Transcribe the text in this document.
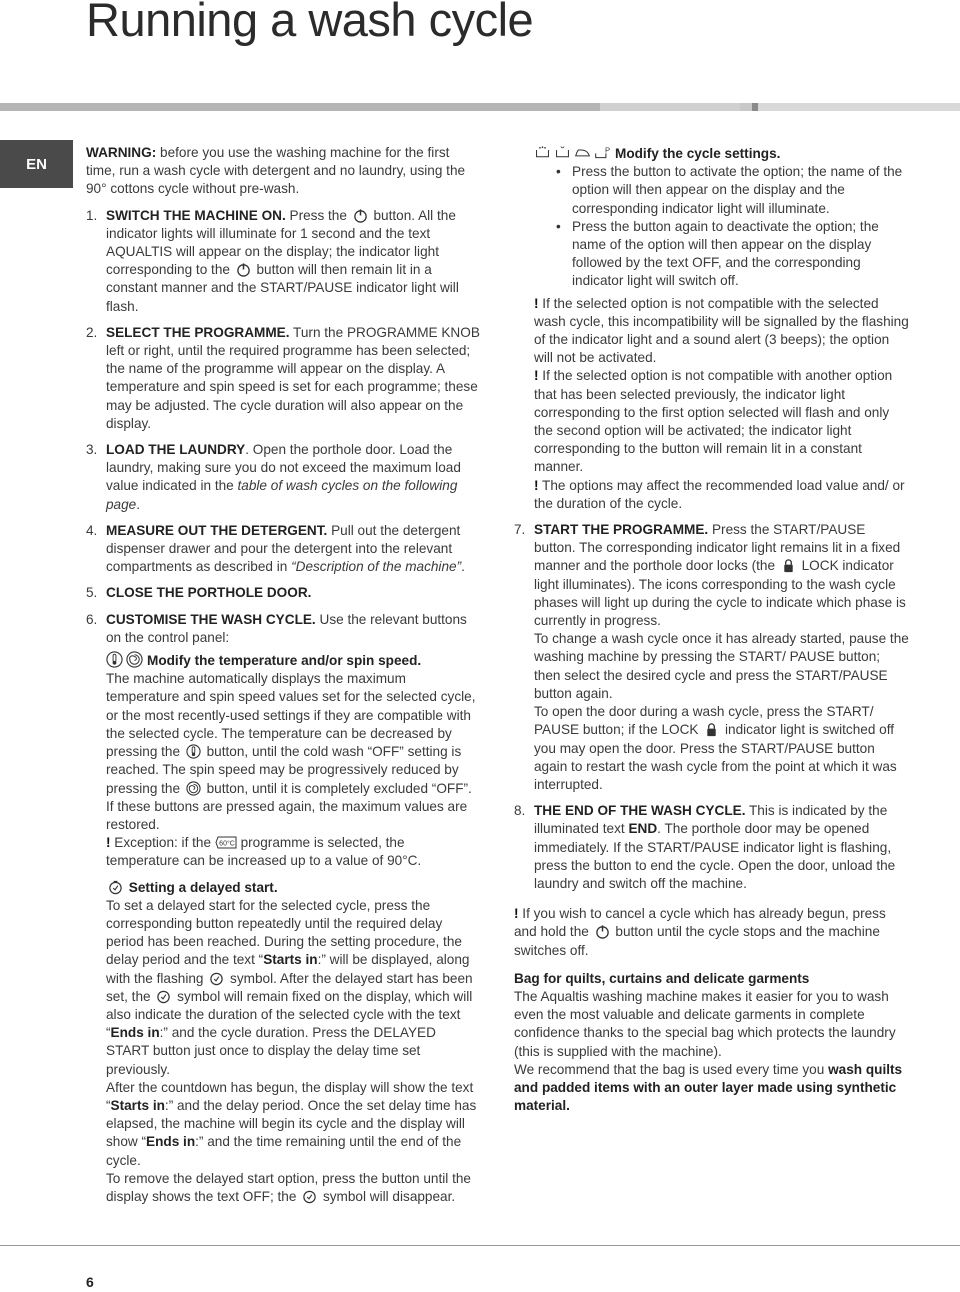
Running a wash cycle
EN

WARNING: before you use the washing machine for the first time, run a wash cycle with detergent and no laundry, using the 90° cottons cycle without pre-wash.

1. SWITCH THE MACHINE ON. Press the
button. All the indicator lights will illuminate for 1 second and the text AQUALTIS will appear on the display; the indicator light corresponding to the
button will then remain lit in a constant manner and the START/PAUSE indicator light will flash.
2. SELECT THE PROGRAMME. Turn the PROGRAMME KNOB left or right, until the required programme has been selected; the name of the programme will appear on the display. A temperature and spin speed is set for each programme; these may be adjusted. The cycle duration will also appear on the display.
3. LOAD THE LAUNDRY. Open the porthole door. Load the laundry, making sure you do not exceed the maximum load value indicated in the table of wash cycles on the following page.
4. MEASURE OUT THE DETERGENT. Pull out the detergent dispenser drawer and pour the detergent into the relevant compartments as described in “Description of the machine”.
5. CLOSE THE PORTHOLE DOOR.
6. CUSTOMISE THE WASH CYCLE. Use the relevant buttons on the control panel:

Modify the temperature and/or spin speed.

The machine automatically displays the maximum temperature and spin speed values set for the selected cycle, or the most recently-used settings if they are compatible with the selected cycle. The temperature can be decreased by pressing the
button, until the cold wash “OFF” setting is reached. The spin speed may be progressively reduced by pressing the
button, until it is completely excluded “OFF”. If these buttons are pressed again, the maximum values are restored.

! Exception: if the 60°C programme is selected, the temperature can be increased up to a value of 90°C.

Setting a delayed start.

To set a delayed start for the selected cycle, press the corresponding button repeatedly until the required delay period has been reached. During the setting procedure, the delay period and the text “Starts in:” will be displayed, along with the flashing
symbol. After the delayed start has been set, the
symbol will remain fixed on the display, which will also indicate the duration of the selected cycle with the text “Ends in:” and the cycle duration. Press the DELAYED START button just once to display the delay time set previously.

After the countdown has begun, the display will show the text “Starts in:” and the delay period. Once the set delay time has elapsed, the machine will begin its cycle and the display will show “Ends in:” and the time remaining until the end of the cycle.

To remove the delayed start option, press the button until the display shows the text OFF; the
symbol will disappear.

P Modify the cycle settings.

• Press the button to activate the option; the name of the option will then appear on the display and the corresponding indicator light will illuminate.
• Press the button again to deactivate the option; the name of the option will then appear on the display followed by the text OFF, and the corresponding indicator light will switch off.

! If the selected option is not compatible with the selected wash cycle, this incompatibility will be signalled by the flashing of the indicator light and a sound alert (3 beeps); the option will not be activated.

! If the selected option is not compatible with another option that has been selected previously, the indicator light corresponding to the first option selected will flash and only the second option will be activated; the indicator light corresponding to the button will remain lit in a constant manner.

! The options may affect the recommended load value and/ or the duration of the cycle.

7. START THE PROGRAMME. Press the START/PAUSE button. The corresponding indicator light remains lit in a fixed manner and the porthole door locks (the
LOCK indicator light illuminates). The icons corresponding to the wash cycle phases will light up during the cycle to indicate which phase is currently in progress.

To change a wash cycle once it has already started, pause the washing machine by pressing the START/ PAUSE button; then select the desired cycle and press the START/PAUSE button again.

To open the door during a wash cycle, press the START/ PAUSE button; if the LOCK
indicator light is switched off you may open the door. Press the START/PAUSE button again to restart the wash cycle from the point at which it was interrupted.

8. THE END OF THE WASH CYCLE. This is indicated by the illuminated text END. The porthole door may be opened immediately. If the START/PAUSE indicator light is flashing, press the button to end the cycle. Open the door, unload the laundry and switch off the machine.

! If you wish to cancel a cycle which has already begun, press and hold the
button until the cycle stops and the machine switches off.

Bag for quilts, curtains and delicate garments

The Aqualtis washing machine makes it easier for you to wash even the most valuable and delicate garments in complete confidence thanks to the special bag which protects the laundry (this is supplied with the machine).

We recommend that the bag is used every time you wash quilts and padded items with an outer layer made using synthetic material.

6
